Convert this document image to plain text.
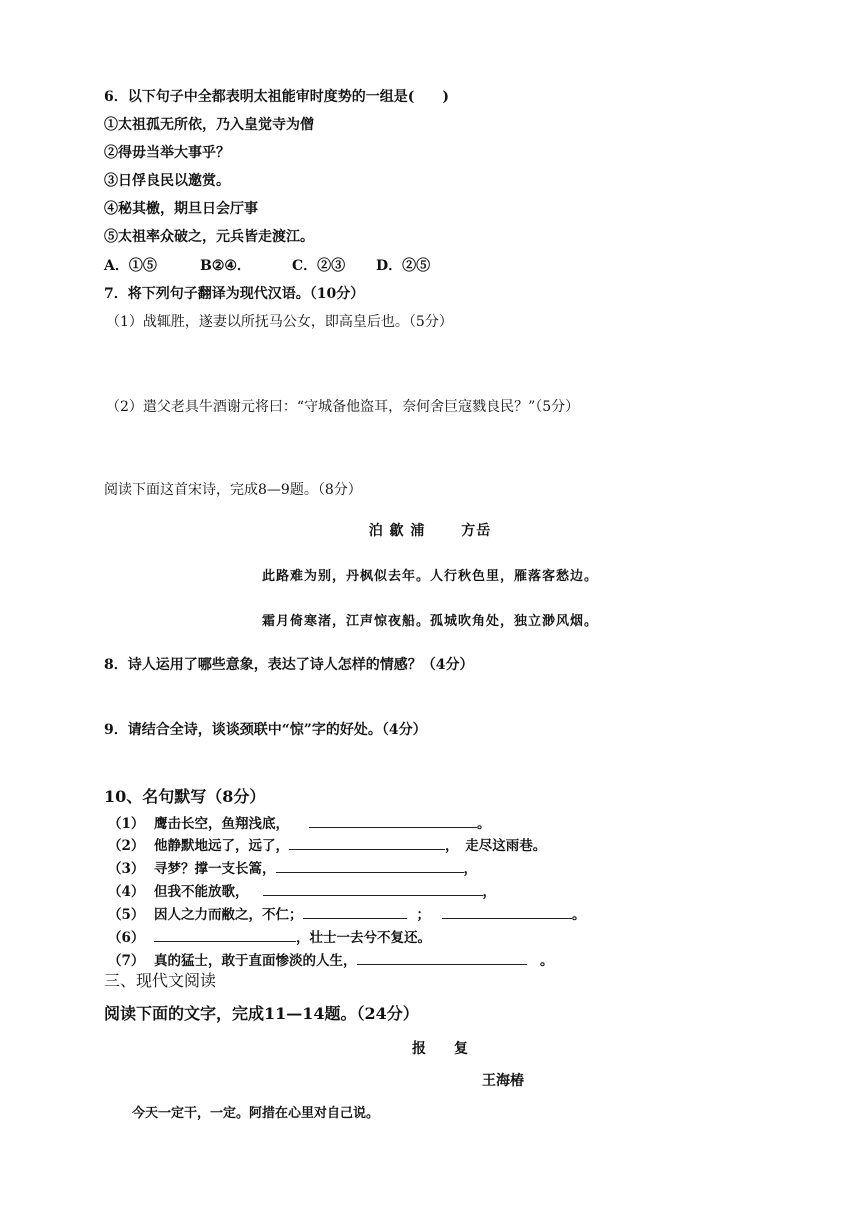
6．以下句子中全都表明太祖能审时度势的一组是(　　)
①太祖孤无所依，乃入皇觉寺为僧
②得毋当举大事乎？
③日俘良民以邀赏。
④秘其檄，期旦日会厅事
⑤太祖率众破之，元兵皆走渡江。
A．①⑤	B②④．	C．②③ D．②⑤
7．将下列句子翻译为现代汉语。（10分）
（1）战辄胜，遂妻以所抚马公女，即高皇后也。（5分）
（2）遣父老具牛酒谢元将曰：“守城备他盗耳，奈何舍巨寇戮良民？”（5分）
阅读下面这首宋诗，完成8—9题。（8分）
泊 歙 浦　　 方岳
此路难为别，丹枫似去年。人行秋色里，雁落客愁边。
霜月倚寒渚，江声惊夜船。孤城吹角处，独立渺风烟。
8．诗人运用了哪些意象，表达了诗人怎样的情感？（4分）
9．请结合全诗，谈谈颈联中“惊”字的好处。（4分）
10、名句默写（8分）
（1） 鹰击长空，鱼翔浅底，	。
（2） 他静默地远了，远了，	，　走尽这雨巷。
（3） 寻梦？撑一支长篙，	，
（4） 但我不能放歌，	，
（5） 因人之力而敝之，不仁；	；	。
（6）	，壮士一去兮不复还。
（7） 真的猛士，敢于直面惨淡的人生，	　。
三、现代文阅读
阅读下面的文字，完成11—14题。（24分）
报　　复
王海椿
今天一定干，一定。阿措在心里对自己说。
